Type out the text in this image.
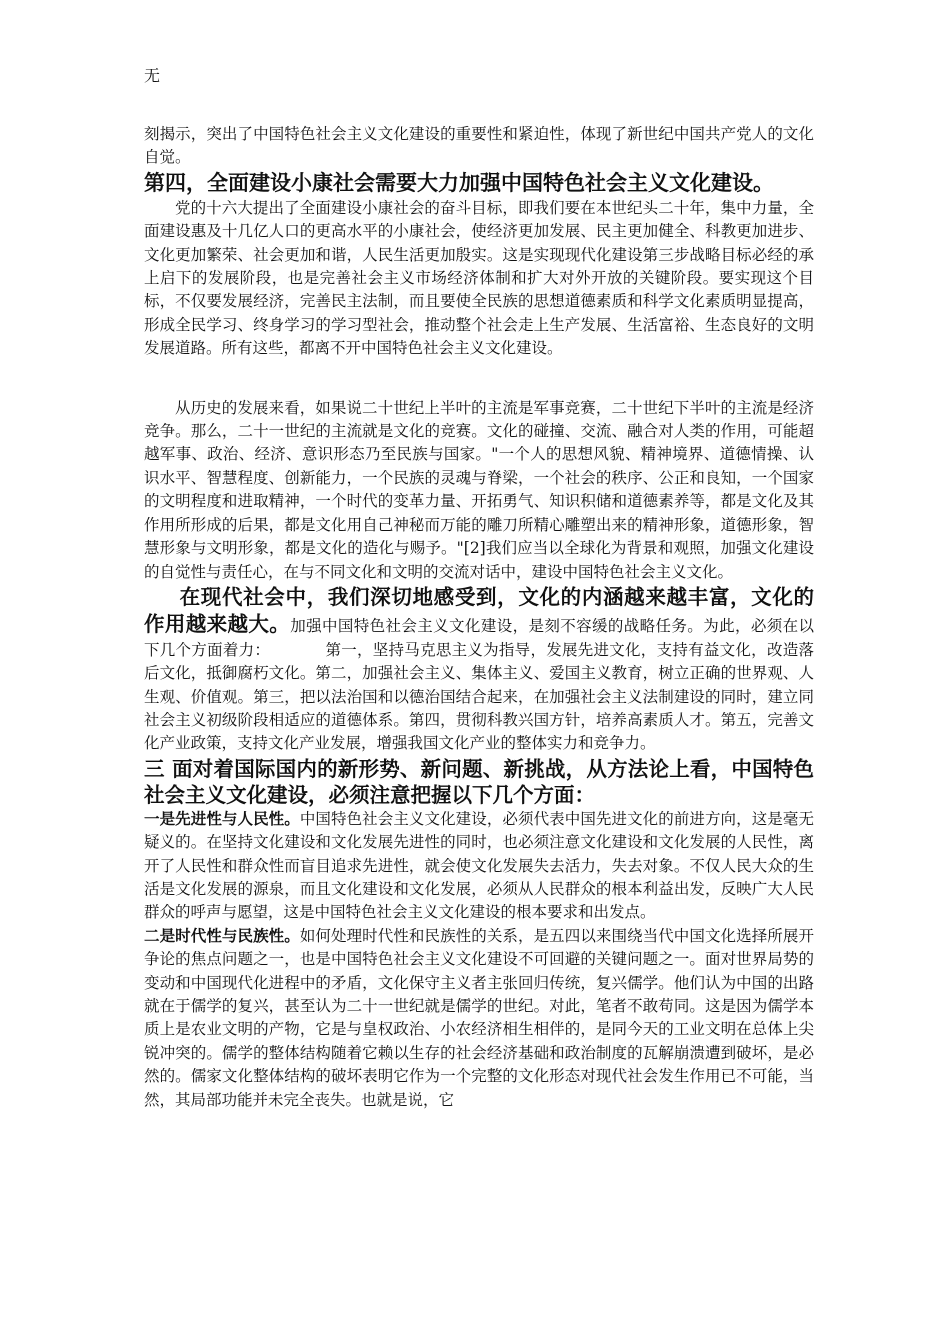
无

刻揭示，突出了中国特色社会主义文化建设的重要性和紧迫性，体现了新世纪中国共产党人的文化自觉。

第四，全面建设小康社会需要大力加强中国特色社会主义文化建设。

党的十六大提出了全面建设小康社会的奋斗目标，即我们要在本世纪头二十年，集中力量，全面建设惠及十几亿人口的更高水平的小康社会，使经济更加发展、民主更加健全、科教更加进步、文化更加繁荣、社会更加和谐，人民生活更加殷实。这是实现现代化建设第三步战略目标必经的承上启下的发展阶段，也是完善社会主义市场经济体制和扩大对外开放的关键阶段。要实现这个目标，不仅要发展经济，完善民主法制，而且要使全民族的思想道德素质和科学文化素质明显提高，形成全民学习、终身学习的学习型社会，推动整个社会走上生产发展、生活富裕、生态良好的文明发展道路。所有这些，都离不开中国特色社会主义文化建设。

从历史的发展来看，如果说二十世纪上半叶的主流是军事竞赛，二十世纪下半叶的主流是经济竞争。那么，二十一世纪的主流就是文化的竞赛。文化的碰撞、交流、融合对人类的作用，可能超越军事、政治、经济、意识形态乃至民族与国家。"一个人的思想风貌、精神境界、道德情操、认识水平、智慧程度、创新能力，一个民族的灵魂与脊梁，一个社会的秩序、公正和良知，一个国家的文明程度和进取精神，一个时代的变革力量、开拓勇气、知识积储和道德素养等，都是文化及其作用所形成的后果，都是文化用自己神秘而万能的雕刀所精心雕塑出来的精神形象，道德形象，智慧形象与文明形象，都是文化的造化与赐予。"[2]我们应当以全球化为背景和观照，加强文化建设的自觉性与责任心，在与不同文化和文明的交流对话中，建设中国特色社会主义文化。

在现代社会中，我们深切地感受到，文化的内涵越来越丰富，文化的作用越来越大。加强中国特色社会主义文化建设，是刻不容缓的战略任务。为此，必须在以下几个方面着力：　　　　第一，坚持马克思主义为指导，发展先进文化，支持有益文化，改造落后文化，抵御腐朽文化。第二，加强社会主义、集体主义、爱国主义教育，树立正确的世界观、人生观、价值观。第三，把以法治国和以德治国结合起来，在加强社会主义法制建设的同时，建立同社会主义初级阶段相适应的道德体系。第四，贯彻科教兴国方针，培养高素质人才。第五，完善文化产业政策，支持文化产业发展，增强我国文化产业的整体实力和竞争力。

三 面对着国际国内的新形势、新问题、新挑战，从方法论上看，中国特色社会主义文化建设，必须注意把握以下几个方面：

一是先进性与人民性。中国特色社会主义文化建设，必须代表中国先进文化的前进方向，这是毫无疑义的。在坚持文化建设和文化发展先进性的同时，也必须注意文化建设和文化发展的人民性，离开了人民性和群众性而盲目追求先进性，就会使文化发展失去活力，失去对象。不仅人民大众的生活是文化发展的源泉，而且文化建设和文化发展，必须从人民群众的根本利益出发，反映广大人民群众的呼声与愿望，这是中国特色社会主义文化建设的根本要求和出发点。

二是时代性与民族性。如何处理时代性和民族性的关系，是五四以来围绕当代中国文化选择所展开争论的焦点问题之一，也是中国特色社会主义文化建设不可回避的关键问题之一。面对世界局势的变动和中国现代化进程中的矛盾，文化保守主义者主张回归传统，复兴儒学。他们认为中国的出路就在于儒学的复兴，甚至认为二十一世纪就是儒学的世纪。对此，笔者不敢苟同。这是因为儒学本质上是农业文明的产物，它是与皇权政治、小农经济相生相伴的，是同今天的工业文明在总体上尖锐冲突的。儒学的整体结构随着它赖以生存的社会经济基础和政治制度的瓦解崩溃遭到破坏，是必然的。儒家文化整体结构的破坏表明它作为一个完整的文化形态对现代社会发生作用已不可能，当然，其局部功能并未完全丧失。也就是说，它
